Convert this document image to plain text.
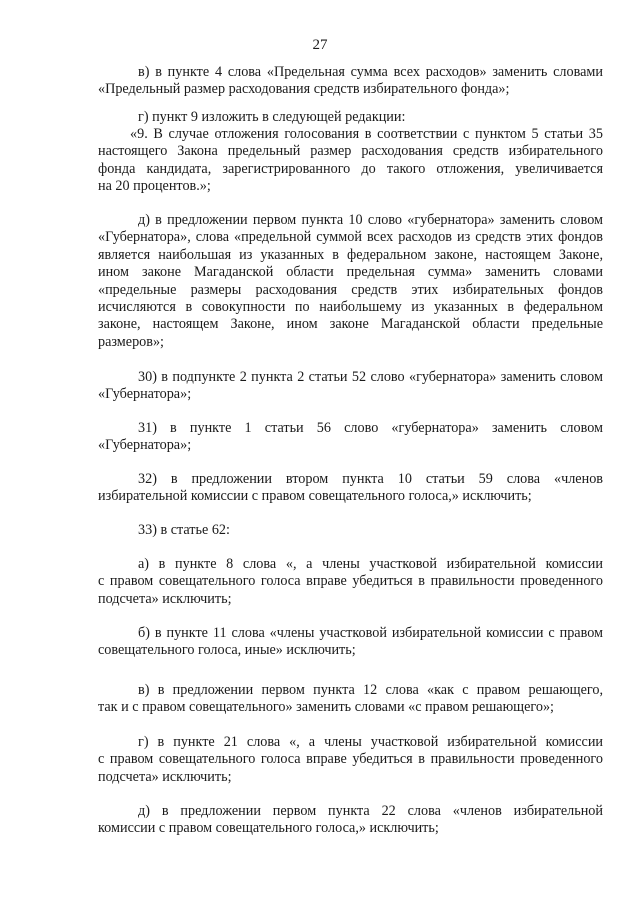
27
в) в пункте 4 слова «Предельная сумма всех расходов» заменить словами
«Предельный размер расходования средств избирательного фонда»;
г) пункт 9 изложить в следующей редакции:
«9. В случае отложения голосования в соответствии с пунктом 5 статьи 35
настоящего Закона предельный размер расходования средств избирательного
фонда кандидата, зарегистрированного до такого отложения, увеличивается
на 20 процентов.»;
д) в предложении первом пункта 10 слово «губернатора» заменить словом
«Губернатора», слова «предельной суммой всех расходов из средств этих фондов
является наибольшая из указанных в федеральном законе, настоящем Законе,
ином законе Магаданской области предельная сумма» заменить словами
«предельные размеры расходования средств этих избирательных фондов
исчисляются в совокупности по наибольшему из указанных в федеральном
законе, настоящем Законе, ином законе Магаданской области предельные
размеров»;
30) в подпункте 2 пункта 2 статьи 52 слово «губернатора» заменить словом
«Губернатора»;
31) в пункте 1 статьи 56 слово «губернатора» заменить словом
«Губернатора»;
32) в предложении втором пункта 10 статьи 59 слова «членов
избирательной комиссии с правом совещательного голоса,» исключить;
33) в статье 62:
а) в пункте 8 слова «, а члены участковой избирательной комиссии
с правом совещательного голоса вправе убедиться в правильности проведенного
подсчета» исключить;
б) в пункте 11 слова «члены участковой избирательной комиссии с правом
совещательного голоса, иные» исключить;
в) в предложении первом пункта 12 слова «как с правом решающего,
так и с правом совещательного» заменить словами «с правом решающего»;
г) в пункте 21 слова «, а члены участковой избирательной комиссии
с правом совещательного голоса вправе убедиться в правильности проведенного
подсчета» исключить;
д) в предложении первом пункта 22 слова «членов избирательной
комиссии с правом совещательного голоса,» исключить;
